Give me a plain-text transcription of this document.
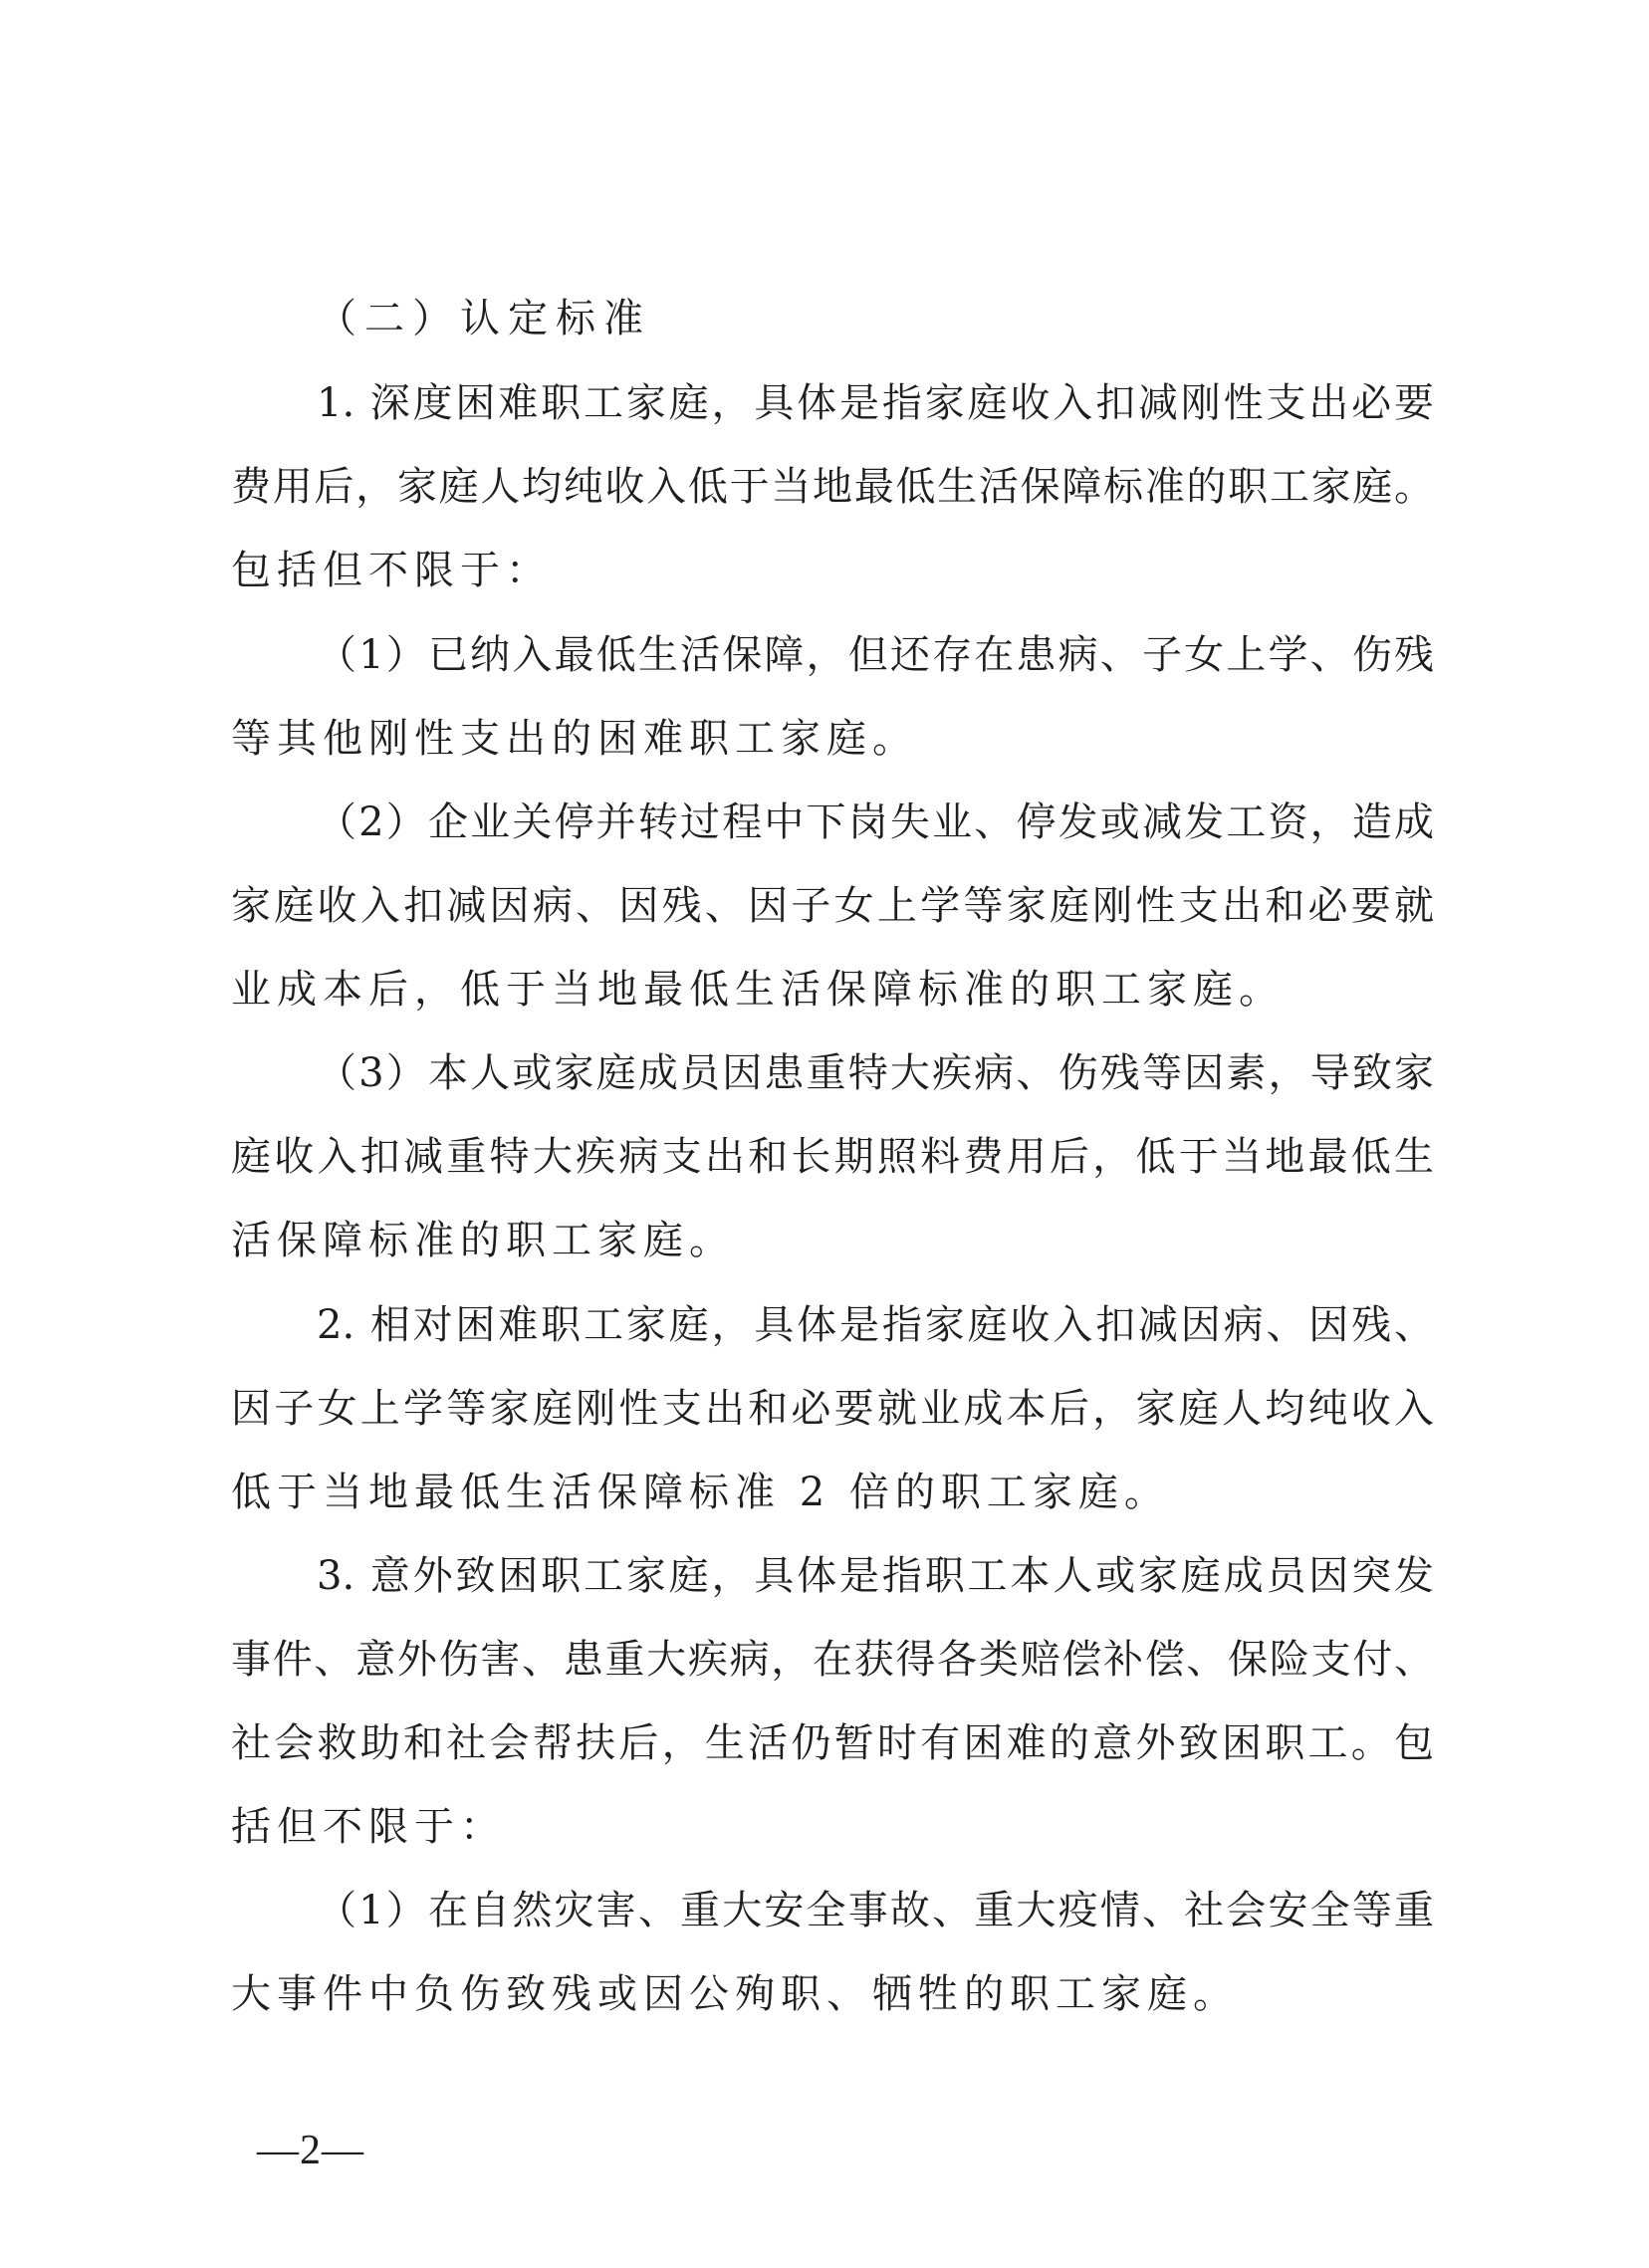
（二）认定标准

1. 深度困难职工家庭，具体是指家庭收入扣减刚性支出必要

费用后，家庭人均纯收入低于当地最低生活保障标准的职工家庭。

包括但不限于：

（1）已纳入最低生活保障，但还存在患病、子女上学、伤残

等其他刚性支出的困难职工家庭。

（2）企业关停并转过程中下岗失业、停发或减发工资，造成

家庭收入扣减因病、因残、因子女上学等家庭刚性支出和必要就

业成本后，低于当地最低生活保障标准的职工家庭。

（3）本人或家庭成员因患重特大疾病、伤残等因素，导致家

庭收入扣减重特大疾病支出和长期照料费用后，低于当地最低生

活保障标准的职工家庭。

2. 相对困难职工家庭，具体是指家庭收入扣减因病、因残、

因子女上学等家庭刚性支出和必要就业成本后，家庭人均纯收入

低于当地最低生活保障标准 2 倍的职工家庭。

3. 意外致困职工家庭，具体是指职工本人或家庭成员因突发

事件、意外伤害、患重大疾病，在获得各类赔偿补偿、保险支付、

社会救助和社会帮扶后，生活仍暂时有困难的意外致困职工。包

括但不限于：

（1）在自然灾害、重大安全事故、重大疫情、社会安全等重

大事件中负伤致残或因公殉职、牺牲的职工家庭。

—2—
